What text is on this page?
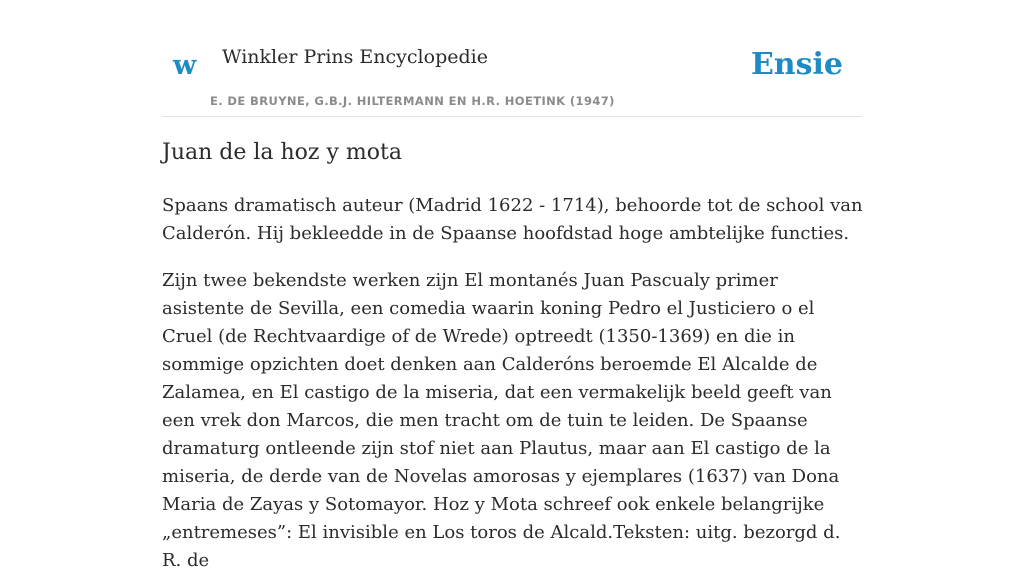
w Winkler Prins Encyclopedie
E. DE BRUYNE, G.B.J. HILTERMANN EN H.R. HOETINK (1947)
Ensie
Juan de la hoz y mota

Spaans dramatisch auteur (Madrid 1622 - 1714), behoorde tot de school van Calderón. Hij bekleedde in de Spaanse hoofdstad hoge ambtelijke functies.

Zijn twee bekendste werken zijn El montanés Juan Pascualy primer asistente de Sevilla, een comedia waarin koning Pedro el Justiciero o el Cruel (de Rechtvaardige of de Wrede) optreedt (1350-1369) en die in sommige opzichten doet denken aan Calderóns beroemde El Alcalde de Zalamea, en El castigo de la miseria, dat een vermakelijk beeld geeft van een vrek don Marcos, die men tracht om de tuin te leiden. De Spaanse dramaturg ontleende zijn stof niet aan Plautus, maar aan El castigo de la miseria, de derde van de Novelas amorosas y ejemplares (1637) van Dona Maria de Zayas y Sotomayor. Hoz y Mota schreef ook enkele belangrijke „entremeses”: El invisible en Los toros de Alcald.Teksten: uitg. bezorgd d. R. de
